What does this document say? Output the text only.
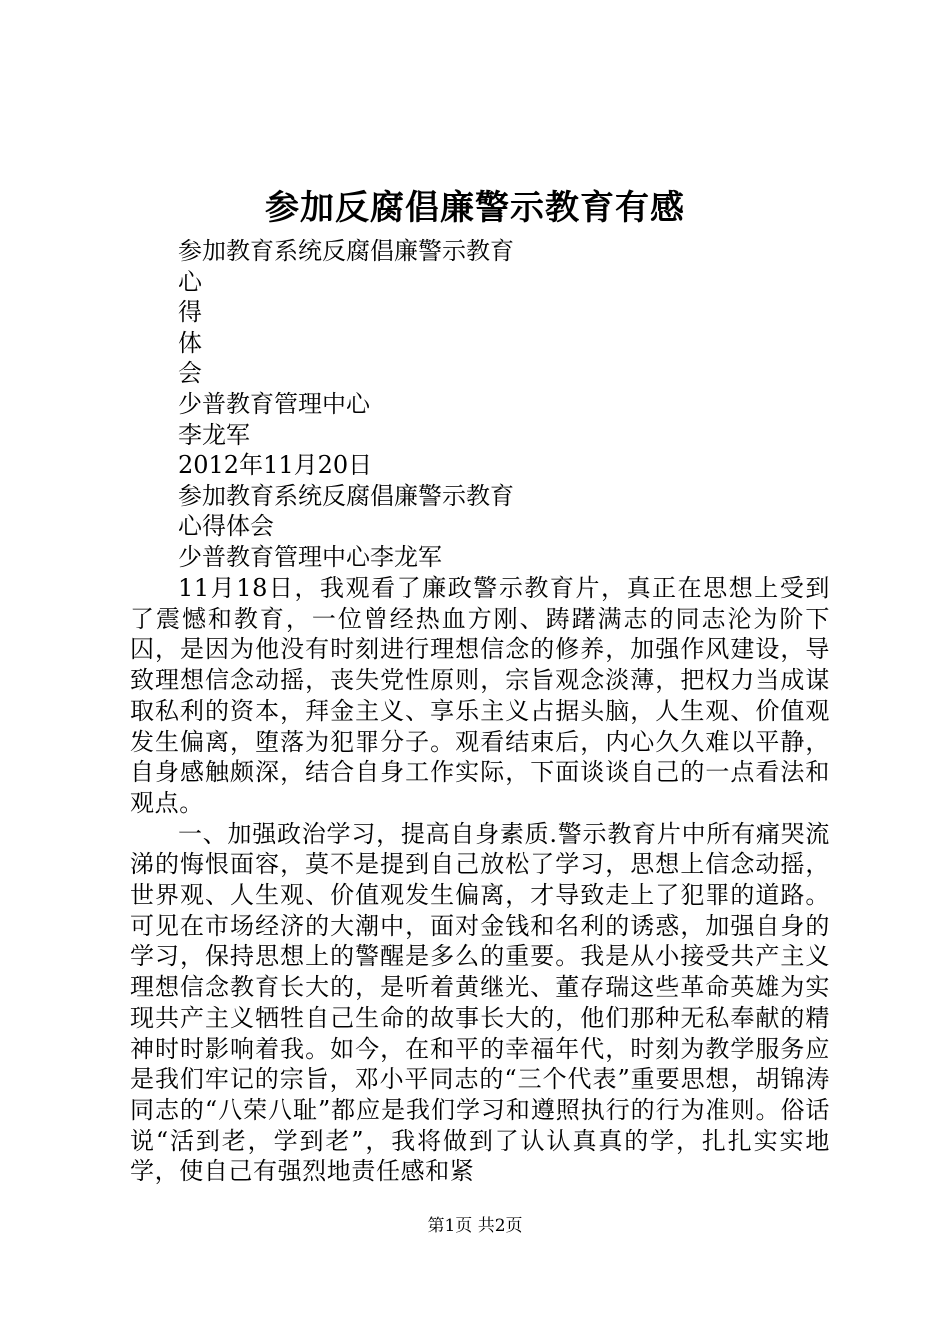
参加反腐倡廉警示教育有感
参加教育系统反腐倡廉警示教育
心
得
体
会
少普教育管理中心
李龙军
2012年11月20日
参加教育系统反腐倡廉警示教育
心得体会
少普教育管理中心李龙军

11月18日，我观看了廉政警示教育片，真正在思想上受到了震憾和教育，一位曾经热血方刚、踌躇满志的同志沦为阶下囚，是因为他没有时刻进行理想信念的修养，加强作风建设，导致理想信念动摇，丧失党性原则，宗旨观念淡薄，把权力当成谋取私利的资本，拜金主义、享乐主义占据头脑，人生观、价值观发生偏离，堕落为犯罪分子。观看结束后，内心久久难以平静，自身感触颇深，结合自身工作实际，下面谈谈自己的一点看法和观点。

一、加强政治学习，提高自身素质.警示教育片中所有痛哭流涕的悔恨面容，莫不是提到自己放松了学习，思想上信念动摇，世界观、人生观、价值观发生偏离，才导致走上了犯罪的道路。可见在市场经济的大潮中，面对金钱和名利的诱惑，加强自身的学习，保持思想上的警醒是多么的重要。我是从小接受共产主义理想信念教育长大的，是听着黄继光、董存瑞这些革命英雄为实现共产主义牺牲自己生命的故事长大的，他们那种无私奉献的精神时时影响着我。如今，在和平的幸福年代，时刻为教学服务应是我们牢记的宗旨，邓小平同志的“三个代表”重要思想，胡锦涛同志的“八荣八耻”都应是我们学习和遵照执行的行为准则。俗话说“活到老，学到老”，我将做到了认认真真的学，扎扎实实地学，使自己有强烈地责任感和紧

第1页 共2页
